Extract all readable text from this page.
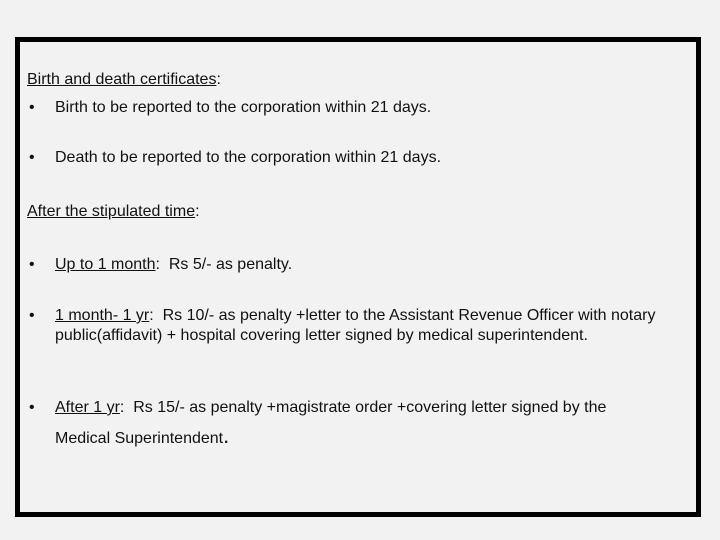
Birth and death certificates:
•	Birth to be reported to the corporation within 21 days.
•	Death to be reported to the corporation within 21 days.
After the stipulated time:
•	Up to 1 month:  Rs 5/- as penalty.
•	1 month- 1 yr:  Rs 10/- as penalty +letter to the Assistant Revenue Officer with notary public(affidavit) + hospital covering letter signed by medical superintendent.
•	After 1 yr:  Rs 15/- as penalty +magistrate order +covering letter signed by the
Medical Superintendent.
